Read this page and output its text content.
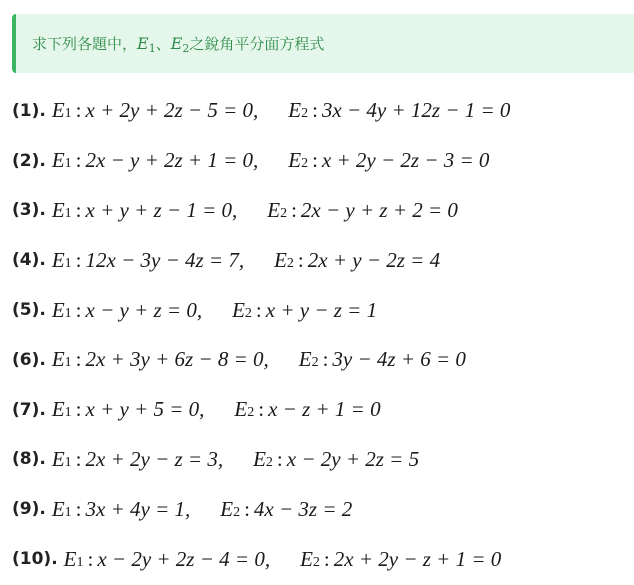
求下列各題中， $E_1$ 、 $E_2$ 之銳角平分面方程式
(1). E 1 : x + 2y + 2z − 5 = 0, E 2 : 3x − 4y + 12z − 1 = 0
(2). E 1 : 2x − y + 2z + 1 = 0, E 2 : x + 2y − 2z − 3 = 0
(3). E 1 : x + y + z − 1 = 0, E 2 : 2x − y + z + 2 = 0
(4). E 1 : 12x − 3y − 4z = 7, E 2 : 2x + y − 2z = 4
(5). E 1 : x − y + z = 0, E 2 : x + y − z = 1
(6). E 1 : 2x + 3y + 6z − 8 = 0, E 2 : 3y − 4z + 6 = 0
(7). E 1 : x + y + 5 = 0, E 2 : x − z + 1 = 0
(8). E 1 : 2x + 2y − z = 3, E 2 : x − 2y + 2z = 5
(9). E 1 : 3x + 4y = 1, E 2 : 4x − 3z = 2
(10). E 1 : x − 2y + 2z − 4 = 0, E 2 : 2x + 2y − z + 1 = 0
